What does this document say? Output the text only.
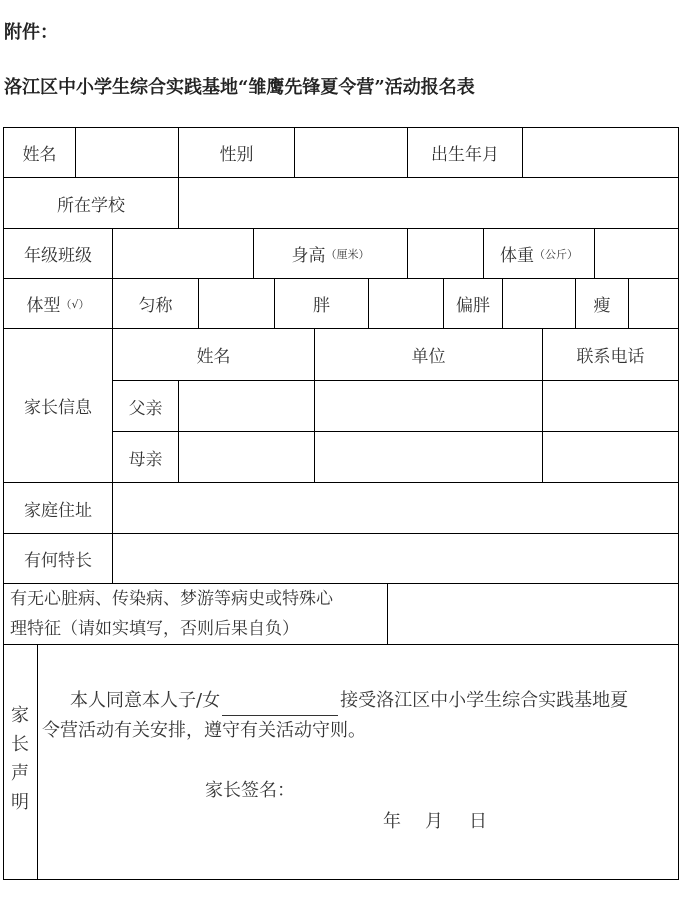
附件：
洛江区中小学生综合实践基地“雏鹰先锋夏令营”活动报名表
姓名	性别	出生年月
所在学校
年级班级	身高 （厘米）	体重 （公斤）
体型 （√）	匀称	胖	偏胖	瘦
家长信息
姓名	单位	联系电话
父亲
母亲
家庭住址
有何特长
有无心脏病、传染病、梦游等病史或特殊心
理特征（请如实填写，否则后果自负）
家
长
声
明
本人同意本人子/女	接受洛江区中小学生综合实践基地夏
令营活动有关安排，遵守有关活动守则。
家长签名：
年 月 日
